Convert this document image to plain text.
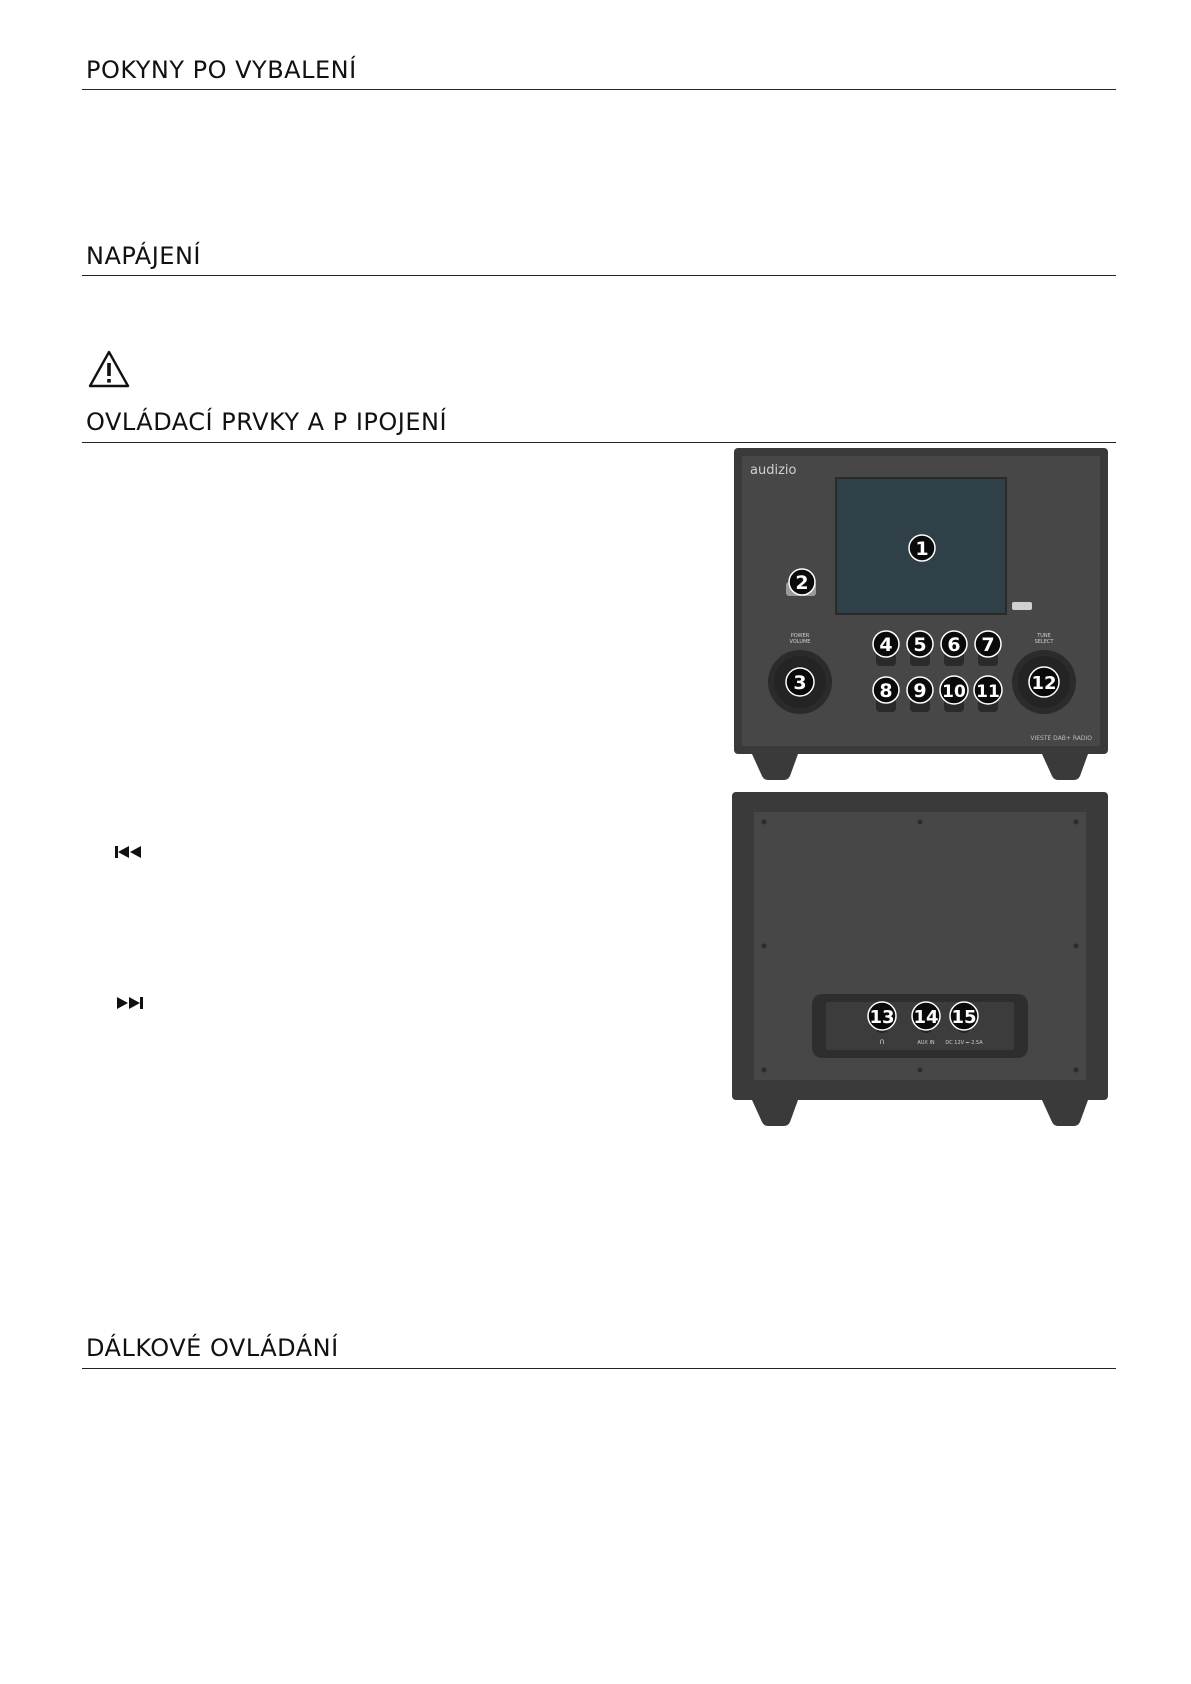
POKYNY PO VYBALENÍ
NAPÁJENÍ
OVLÁDACÍ PRVKY A P IPOJENÍ
audizio
POWER
VOLUME
TUNE
SELECT
VIESTE DAB+ RADIO
1
2
3
4 5 6 7
8 9 10 11 12
∩	AUX IN DC 12V ⎓ 2.5A
13 14 15
DÁLKOVÉ OVLÁDÁNÍ
